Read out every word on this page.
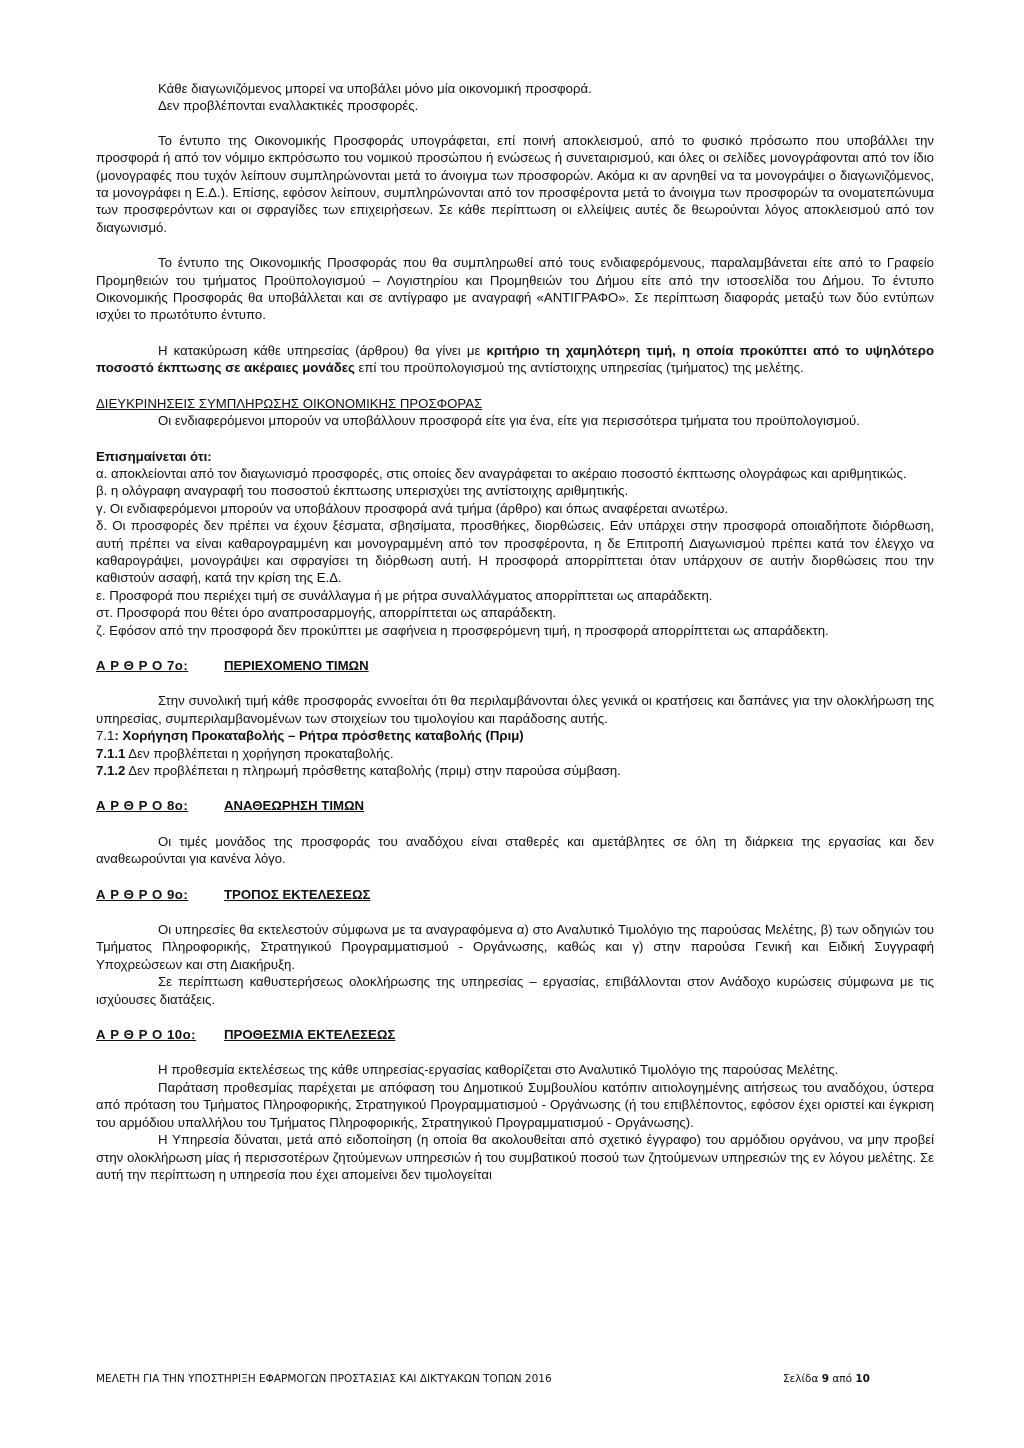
Κάθε διαγωνιζόμενος μπορεί να υποβάλει μόνο μία οικονομική προσφορά.

Δεν προβλέπονται εναλλακτικές προσφορές.

Το έντυπο της Οικονομικής Προσφοράς υπογράφεται, επί ποινή αποκλεισμού, από το φυσικό πρόσωπο που υποβάλλει την προσφορά ή από τον νόμιμο εκπρόσωπο του νομικού προσώπου ή ενώσεως ή συνεταιρισμού, και όλες οι σελίδες μονογράφονται από τον ίδιο (μονογραφές που τυχόν λείπουν συμπληρώνονται μετά το άνοιγμα των προσφορών. Ακόμα κι αν αρνηθεί να τα μονογράψει ο διαγωνιζόμενος, τα μονογράφει η Ε.Δ.). Επίσης, εφόσον λείπουν, συμπληρώνονται από τον προσφέροντα μετά το άνοιγμα των προσφορών τα ονοματεπώνυμα των προσφερόντων και οι σφραγίδες των επιχειρήσεων. Σε κάθε περίπτωση οι ελλείψεις αυτές δε θεωρούνται λόγος αποκλεισμού από τον διαγωνισμό.

Το έντυπο της Οικονομικής Προσφοράς που θα συμπληρωθεί από τους ενδιαφερόμενους, παραλαμβάνεται είτε από το Γραφείο Προμηθειών του τμήματος Προϋπολογισμού – Λογιστηρίου και Προμηθειών του Δήμου είτε από την ιστοσελίδα του Δήμου. Το έντυπο Οικονομικής Προσφοράς θα υποβάλλεται και σε αντίγραφο με αναγραφή «ΑΝΤΙΓΡΑΦΟ». Σε περίπτωση διαφοράς μεταξύ των δύο εντύπων ισχύει το πρωτότυπο έντυπο.

Η κατακύρωση κάθε υπηρεσίας (άρθρου) θα γίνει με κριτήριο τη χαμηλότερη τιμή, η οποία προκύπτει από το υψηλότερο ποσοστό έκπτωσης σε ακέραιες μονάδες επί του προϋπολογισμού της αντίστοιχης υπηρεσίας (τμήματος) της μελέτης.

ΔΙΕΥΚΡΙΝΗΣΕΙΣ ΣΥΜΠΛΗΡΩΣΗΣ ΟΙΚΟΝΟΜΙΚΗΣ ΠΡΟΣΦΟΡΑΣ

Οι ενδιαφερόμενοι μπορούν να υποβάλλουν προσφορά είτε για ένα, είτε για περισσότερα τμήματα του προϋπολογισμού.

Επισημαίνεται ότι:

α. αποκλείονται από τον διαγωνισμό προσφορές, στις οποίες δεν αναγράφεται το ακέραιο ποσοστό έκπτωσης ολογράφως και αριθμητικώς.

β. η ολόγραφη αναγραφή του ποσοστού έκπτωσης υπερισχύει της αντίστοιχης αριθμητικής.

γ. Οι ενδιαφερόμενοι μπορούν να υποβάλουν προσφορά ανά τμήμα (άρθρο) και όπως αναφέρεται ανωτέρω.

δ. Οι προσφορές δεν πρέπει να έχουν ξέσματα, σβησίματα, προσθήκες, διορθώσεις. Εάν υπάρχει στην προσφορά οποιαδήποτε διόρθωση, αυτή πρέπει να είναι καθαρογραμμένη και μονογραμμένη από τον προσφέροντα, η δε Επιτροπή Διαγωνισμού πρέπει κατά τον έλεγχο να καθαρογράψει, μονογράψει και σφραγίσει τη διόρθωση αυτή. Η προσφορά απορρίπτεται όταν υπάρχουν σε αυτήν διορθώσεις που την καθιστούν ασαφή, κατά την κρίση της Ε.Δ.

ε. Προσφορά που περιέχει τιμή σε συνάλλαγμα ή με ρήτρα συναλλάγματος απορρίπτεται ως απαράδεκτη.

στ. Προσφορά που θέτει όρο αναπροσαρμογής, απορρίπτεται ως απαράδεκτη.

ζ. Εφόσον από την προσφορά δεν προκύπτει με σαφήνεια η προσφερόμενη τιμή, η προσφορά απορρίπτεται ως απαράδεκτη.

Α Ρ Θ Ρ Ο 7ο:	ΠΕΡΙΕΧΟΜΕΝΟ ΤΙΜΩΝ

Στην συνολική τιμή κάθε προσφοράς εννοείται ότι θα περιλαμβάνονται όλες γενικά οι κρατήσεις και δαπάνες για την ολοκλήρωση της υπηρεσίας, συμπεριλαμβανομένων των στοιχείων του τιμολογίου και παράδοσης αυτής.

7.1: Χορήγηση Προκαταβολής – Ρήτρα πρόσθετης καταβολής (Πριμ)

7.1.1 Δεν προβλέπεται η χορήγηση προκαταβολής.

7.1.2 Δεν προβλέπεται η πληρωμή πρόσθετης καταβολής (πριμ) στην παρούσα σύμβαση.

Α Ρ Θ Ρ Ο 8ο:	ΑΝΑΘΕΩΡΗΣΗ ΤΙΜΩΝ

Οι τιμές μονάδος της προσφοράς του αναδόχου είναι σταθερές και αμετάβλητες σε όλη τη διάρκεια της εργασίας και δεν αναθεωρούνται για κανένα λόγο.

Α Ρ Θ Ρ Ο 9ο:	ΤΡΟΠΟΣ ΕΚΤΕΛΕΣΕΩΣ

Οι υπηρεσίες θα εκτελεστούν σύμφωνα με τα αναγραφόμενα α) στο Αναλυτικό Τιμολόγιο της παρούσας Μελέτης, β) των οδηγιών του Τμήματος Πληροφορικής, Στρατηγικού Προγραμματισμού - Οργάνωσης, καθώς και γ) στην παρούσα Γενική και Ειδική Συγγραφή Υποχρεώσεων και στη Διακήρυξη.

Σε περίπτωση καθυστερήσεως ολοκλήρωσης της υπηρεσίας – εργασίας, επιβάλλονται στον Ανάδοχο κυρώσεις σύμφωνα με τις ισχύουσες διατάξεις.

Α Ρ Θ Ρ Ο 10ο: ΠΡΟΘΕΣΜΙΑ ΕΚΤΕΛΕΣΕΩΣ

Η προθεσμία εκτελέσεως της κάθε υπηρεσίας-εργασίας καθορίζεται στο Αναλυτικό Τιμολόγιο της παρούσας Μελέτης.

Παράταση προθεσμίας παρέχεται με απόφαση του Δημοτικού Συμβουλίου κατόπιν αιτιολογημένης αιτήσεως του αναδόχου, ύστερα από πρόταση του Τμήματος Πληροφορικής, Στρατηγικού Προγραμματισμού - Οργάνωσης (ή του επιβλέποντος, εφόσον έχει οριστεί και έγκριση του αρμόδιου υπαλλήλου του Τμήματος Πληροφορικής, Στρατηγικού Προγραμματισμού - Οργάνωσης).

Η Υπηρεσία δύναται, μετά από ειδοποίηση (η οποία θα ακολουθείται από σχετικό έγγραφο) του αρμόδιου οργάνου, να μην προβεί στην ολοκλήρωση μίας ή περισσοτέρων ζητούμενων υπηρεσιών ή του συμβατικού ποσού των ζητούμενων υπηρεσιών της εν λόγου μελέτης. Σε αυτή την περίπτωση η υπηρεσία που έχει απομείνει δεν τιμολογείται

ΜΕΛΕΤΗ ΓΙΑ ΤΗΝ ΥΠΟΣΤΗΡΙΞΗ ΕΦΑΡΜΟΓΩΝ ΠΡΟΣΤΑΣΙΑΣ ΚΑΙ ΔΙΚΤΥΑΚΩΝ ΤΟΠΩΝ 2016	Σελίδα 9 από 10
